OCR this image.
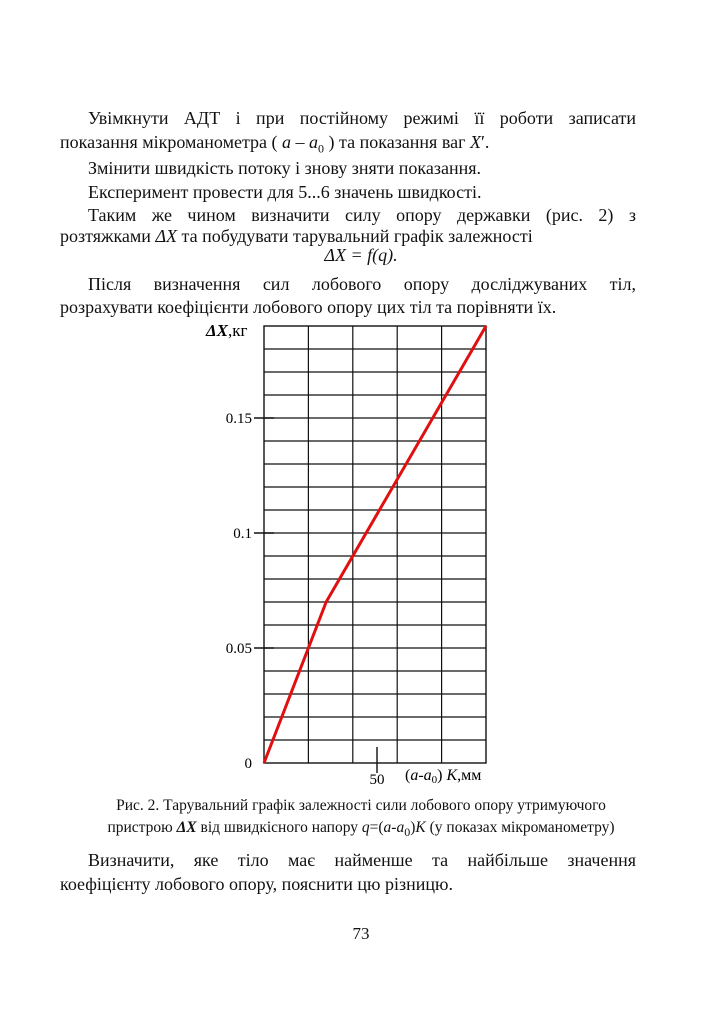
Увімкнути АДТ і при постійному режимі її роботи записати

показання мікроманометра ( a – $a_0$ ) та показання ваг X′.

Змінити швидкість потоку і знову зняти показання.

Експеримент провести для 5...6 значень швидкості.

Таким же чином визначити силу опору державки (рис. 2) з

розтяжками ΔX та побудувати тарувальний графік залежності

ΔX = f(q).

Після визначення сил лобового опору досліджуваних тіл,

розрахувати коефіцієнти лобового опору цих тіл та порівняти їх.

0
0.05
0.1
0.15
50
ΔX,кг
(a-a0) K,мм

Рис. 2. Тарувальний графік залежності сили лобового опору утримуючого

пристрою ΔX від швидкісного напору $q=(a-a_0)K$ (у показах мікроманометру)

Визначити, яке тіло має найменше та найбільше значення

коефіцієнту лобового опору, пояснити цю різницю.

73
